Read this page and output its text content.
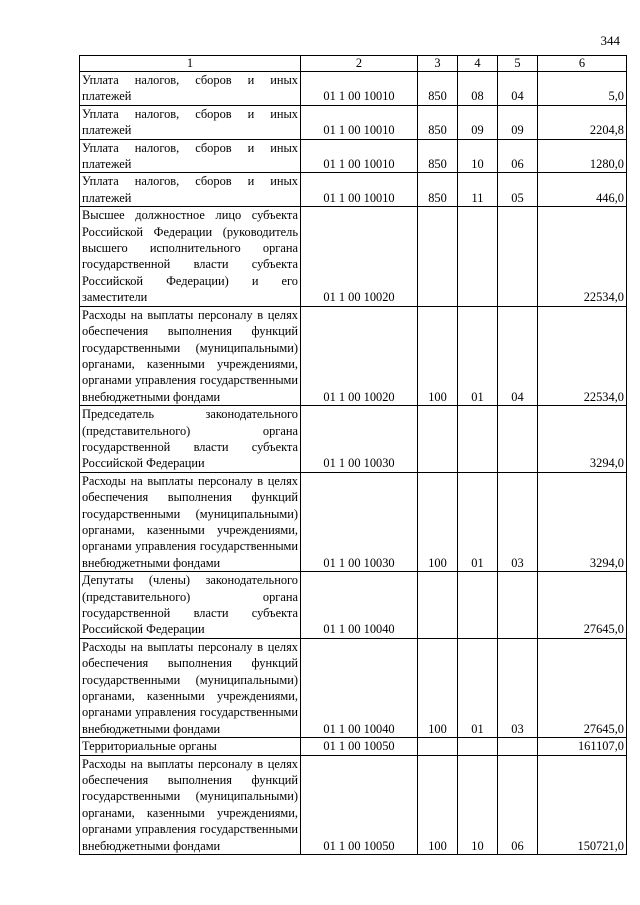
344
1	2	3	4	5	6
Уплата налогов, сборов и иных платежей	01 1 00 10010	850	08	04	5,0
Уплата налогов, сборов и иных платежей	01 1 00 10010	850	09	09	2204,8
Уплата налогов, сборов и иных платежей	01 1 00 10010	850	10	06	1280,0
Уплата налогов, сборов и иных платежей	01 1 00 10010	850	11	05	446,0
Высшее должностное лицо субъекта Российской Федерации (руководитель высшего исполнительного органа государственной власти субъекта Российской Федерации) и его заместители	01 1 00 10020				22534,0
Расходы на выплаты персоналу в целях обеспечения выполнения функций государственными (муниципальными) органами, казенными учреждениями, органами управления государственными внебюджетными фондами	01 1 00 10020	100	01	04	22534,0
Председатель законодательного (представительного) органа государственной власти субъекта Российской Федерации	01 1 00 10030				3294,0
Расходы на выплаты персоналу в целях обеспечения выполнения функций государственными (муниципальными) органами, казенными учреждениями, органами управления государственными внебюджетными фондами	01 1 00 10030	100	01	03	3294,0
Депутаты (члены) законодательного (представительного) органа государственной власти субъекта Российской Федерации	01 1 00 10040				27645,0
Расходы на выплаты персоналу в целях обеспечения выполнения функций государственными (муниципальными) органами, казенными учреждениями, органами управления государственными внебюджетными фондами	01 1 00 10040	100	01	03	27645,0
Территориальные органы	01 1 00 10050				161107,0
Расходы на выплаты персоналу в целях обеспечения выполнения функций государственными (муниципальными) органами, казенными учреждениями, органами управления государственными внебюджетными фондами	01 1 00 10050	100	10	06	150721,0
